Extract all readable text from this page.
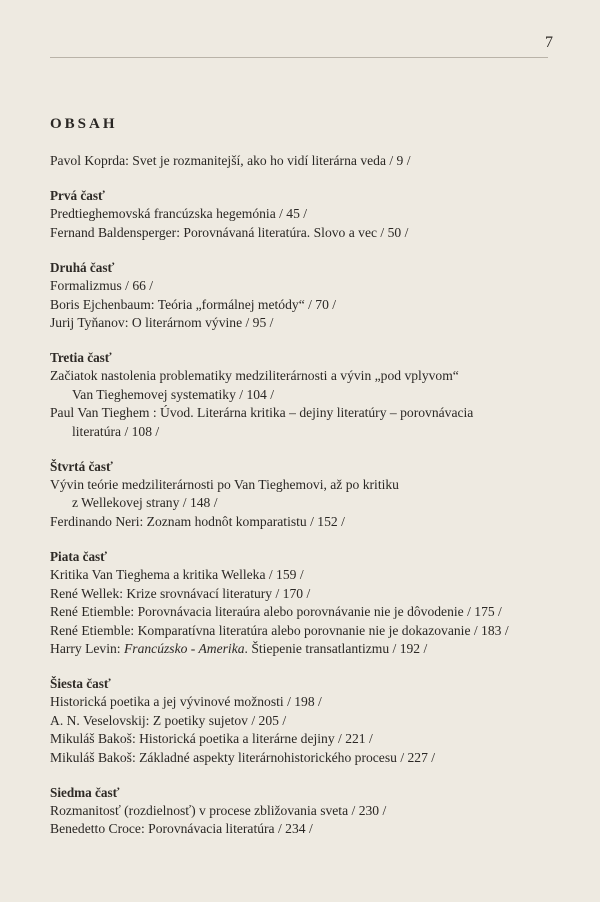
7
OBSAH

Pavol Koprda: Svet je rozmanitejší, ako ho vidí literárna veda / 9 /

Prvá časť

Predtieghemovská francúzska hegemónia / 45 /

Fernand Baldensperger: Porovnávaná literatúra. Slovo a vec / 50 /

Druhá časť

Formalizmus / 66 /

Boris Ejchenbaum: Teória „formálnej metódy“ / 70 /

Jurij Tyňanov: O literárnom vývine / 95 /

Tretia časť

Začiatok nastolenia problematiky medziliterárnosti a vývin „pod vplyvom“
Van Tieghemovej systematiky / 104 /

Paul Van Tieghem : Úvod. Literárna kritika – dejiny literatúry – porovnávacia
literatúra / 108 /

Štvrtá časť

Vývin teórie medziliterárnosti po Van Tieghemovi, až po kritiku
z Wellekovej strany / 148 /

Ferdinando Neri: Zoznam hodnôt komparatistu / 152 /

Piata časť

Kritika Van Tieghema a kritika Welleka / 159 /

René Wellek: Krize srovnávací literatury / 170 /

René Etiemble: Porovnávacia literaúra alebo porovnávanie nie je dôvodenie / 175 /

René Etiemble: Komparatívna literatúra alebo porovnanie nie je dokazovanie / 183 /

Harry Levin: Francúzsko - Amerika. Štiepenie transatlantizmu / 192 /

Šiesta časť

Historická poetika a jej vývinové možnosti / 198 /

A. N. Veselovskij: Z poetiky sujetov / 205 /

Mikuláš Bakoš: Historická poetika a literárne dejiny / 221 /

Mikuláš Bakoš: Základné aspekty literárnohistorického procesu / 227 /

Siedma časť

Rozmanitosť (rozdielnosť) v procese zbližovania sveta / 230 /

Benedetto Croce: Porovnávacia literatúra / 234 /
